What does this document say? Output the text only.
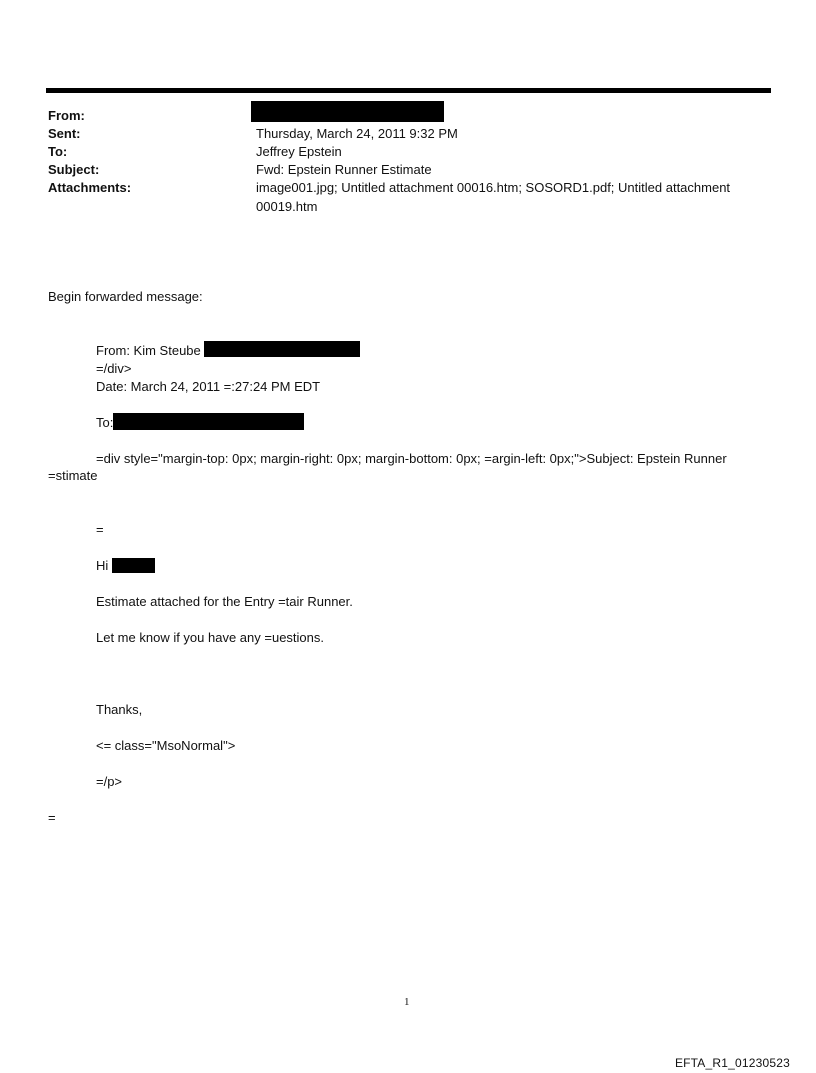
From:
Sent:
To:
Subject:
Attachments:
Thursday, March 24, 2011 9:32 PM
Jeffrey Epstein
Fwd: Epstein Runner Estimate
image001.jpg; Untitled attachment 00016.htm; SOSORD1.pdf; Untitled attachment
00019.htm
Begin forwarded message:
From: Kim Steube
=/div>
Date: March 24, 2011 =:27:24 PM EDT
To:
=div style="margin-top: 0px; margin-right: 0px; margin-bottom: 0px; =argin-left: 0px;">Subject: Epstein Runner
=stimate
=
Hi
Estimate attached for the Entry =tair Runner.
Let me know if you have any =uestions.
Thanks,
<= class="MsoNormal">
=/p>
=
1
EFTA_R1_01230523
